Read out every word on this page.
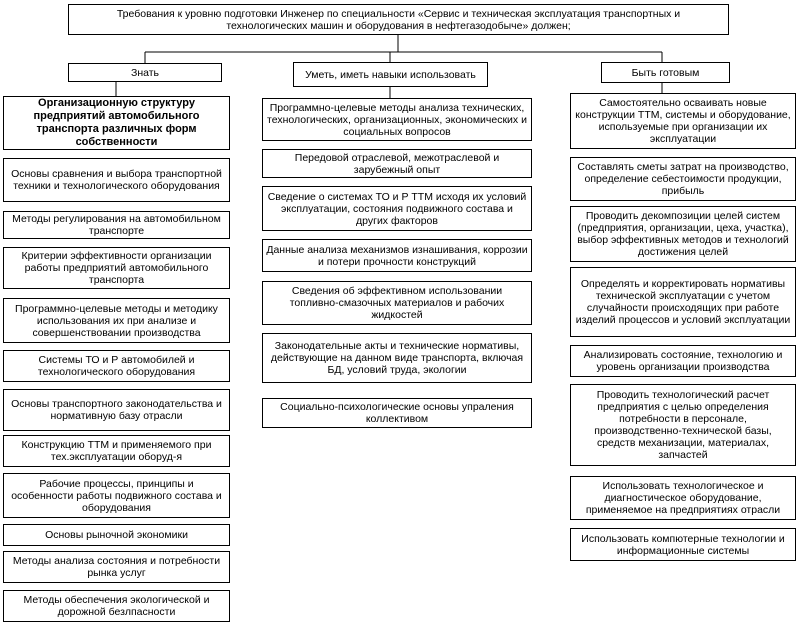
Требования к уровню подготовки Инженер по специальности «Сервис и техническая эксплуатация транспортных и технологических машин и оборудования в нефтегазодобыче» должен;
Знать	Уметь, иметь навыки использовать	Быть готовым
Организационную структуру предприятий автомобильного транспорта различных форм собственности
Основы сравнения и выбора транспортной техники и технологического оборудования
Методы регулирования на автомобильном транспорте
Критерии эффективности организации работы предприятий автомобильного транспорта
Программно-целевые методы и методику использования их при анализе и совершенствовании производства
Системы ТО и Р автомобилей и технологического оборудования
Основы транспортного законодательства и нормативную базу отрасли
Конструкцию ТТМ и применяемого при тех.эксплуатации оборуд-я
Рабочие процессы, принципы и особенности работы подвижного состава и оборудования
Основы рыночной экономики
Методы анализа состояния и потребности рынка услуг
Методы обеспечения экологической и дорожной безлпасности
Программно-целевые методы анализа технических, технологических, организационных, экономических и социальных вопросов
Передовой отраслевой, межотраслевой и зарубежный опыт
Сведение о системах ТО и Р ТТМ исходя их условий эксплуатации, состояния подвижного состава и других факторов
Данные анализа механизмов изнашивания, коррозии и потери прочности конструкций
Сведения об эффективном использовании топливно-смазочных материалов и рабочих жидкостей
Законодательные акты и технические нормативы, действующие на данном виде транспорта, включая БД, условий труда, экологии
Социально-психологические основы упраления коллективом
Самостоятельно осваивать новые конструкции ТТМ, системы и оборудование, используемые при организации их эксплуатации
Составлять сметы затрат на производство, определение себестоимости продукции, прибыль
Проводить декомпозиции целей систем (предприятия, организации, цеха, участка), выбор эффективных методов и технологий достижения целей
Определять и корректировать нормативы технической эксплуатации с учетом случайности происходящих при работе изделий процессов и условий эксплуатации
Анализировать состояние, технологию и уровень организации производства
Проводить технологический расчет предприятия с целью определения потребности в персонале, производственно-технической базы, средств механизации, материалах, запчастей
Использовать технологическое и диагностическое оборудование, применяемое на предприятиях отрасли
Использовать компютерные технологии и информационные системы
